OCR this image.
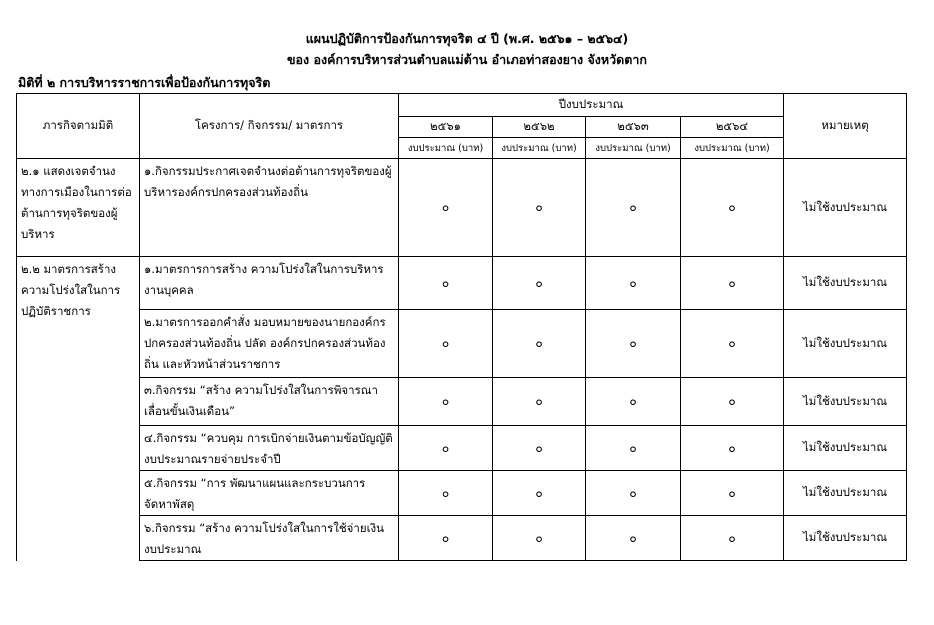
แผนปฏิบัติการป้องกันการทุจริต ๔ ปี (พ.ศ. ๒๕๖๑ – ๒๕๖๔)
ของ องค์การบริหารส่วนตำบลแม่ต้าน อำเภอท่าสองยาง จังหวัดตาก
มิติที่ ๒ การบริหารราชการเพื่อป้องกันการทุจริต
ภารกิจตามมิติ	โครงการ/ กิจกรรม/ มาตรการ	ปีงบประมาณ				หมายเหตุ
		๒๕๖๑	๒๕๖๒	๒๕๖๓	๒๕๖๔	
		งบประมาณ (บาท)	งบประมาณ (บาท)	งบประมาณ (บาท)	งบประมาณ (บาท)	
๒.๑ แสดงเจตจำนงทางการเมืองในการต่อต้านการทุจริตของผู้บริหาร	๑.กิจกรรมประกาศเจตจำนงต่อต้านการทุจริตของผู้บริหารองค์กรปกครองส่วนท้องถิ่น	๐	๐	๐	๐	ไม่ใช้งบประมาณ
๒.๒ มาตรการสร้างความโปร่งใสในการปฏิบัติราชการ	๑.มาตรการการสร้าง ความโปร่งใสในการบริหารงานบุคคล	๐	๐	๐	๐	ไม่ใช้งบประมาณ
	๒.มาตรการออกคำสั่ง มอบหมายของนายกองค์กรปกครองส่วนท้องถิ่น ปลัด องค์กรปกครองส่วนท้องถิ่น และหัวหน้าส่วนราชการ	๐	๐	๐	๐	ไม่ใช้งบประมาณ
	๓.กิจกรรม “สร้าง ความโปร่งใสในการพิจารณาเลื่อนขั้นเงินเดือน”	๐	๐	๐	๐	ไม่ใช้งบประมาณ
	๔.กิจกรรม “ควบคุม การเบิกจ่ายเงินตามข้อบัญญัติงบประมาณรายจ่ายประจำปี	๐	๐	๐	๐	ไม่ใช้งบประมาณ
	๕.กิจกรรม “การ พัฒนาแผนและกระบวนการ จัดหาพัสดุ	๐	๐	๐	๐	ไม่ใช้งบประมาณ
	๖.กิจกรรม “สร้าง ความโปร่งใสในการใช้จ่ายเงินงบประมาณ	๐	๐	๐	๐	ไม่ใช้งบประมาณ
